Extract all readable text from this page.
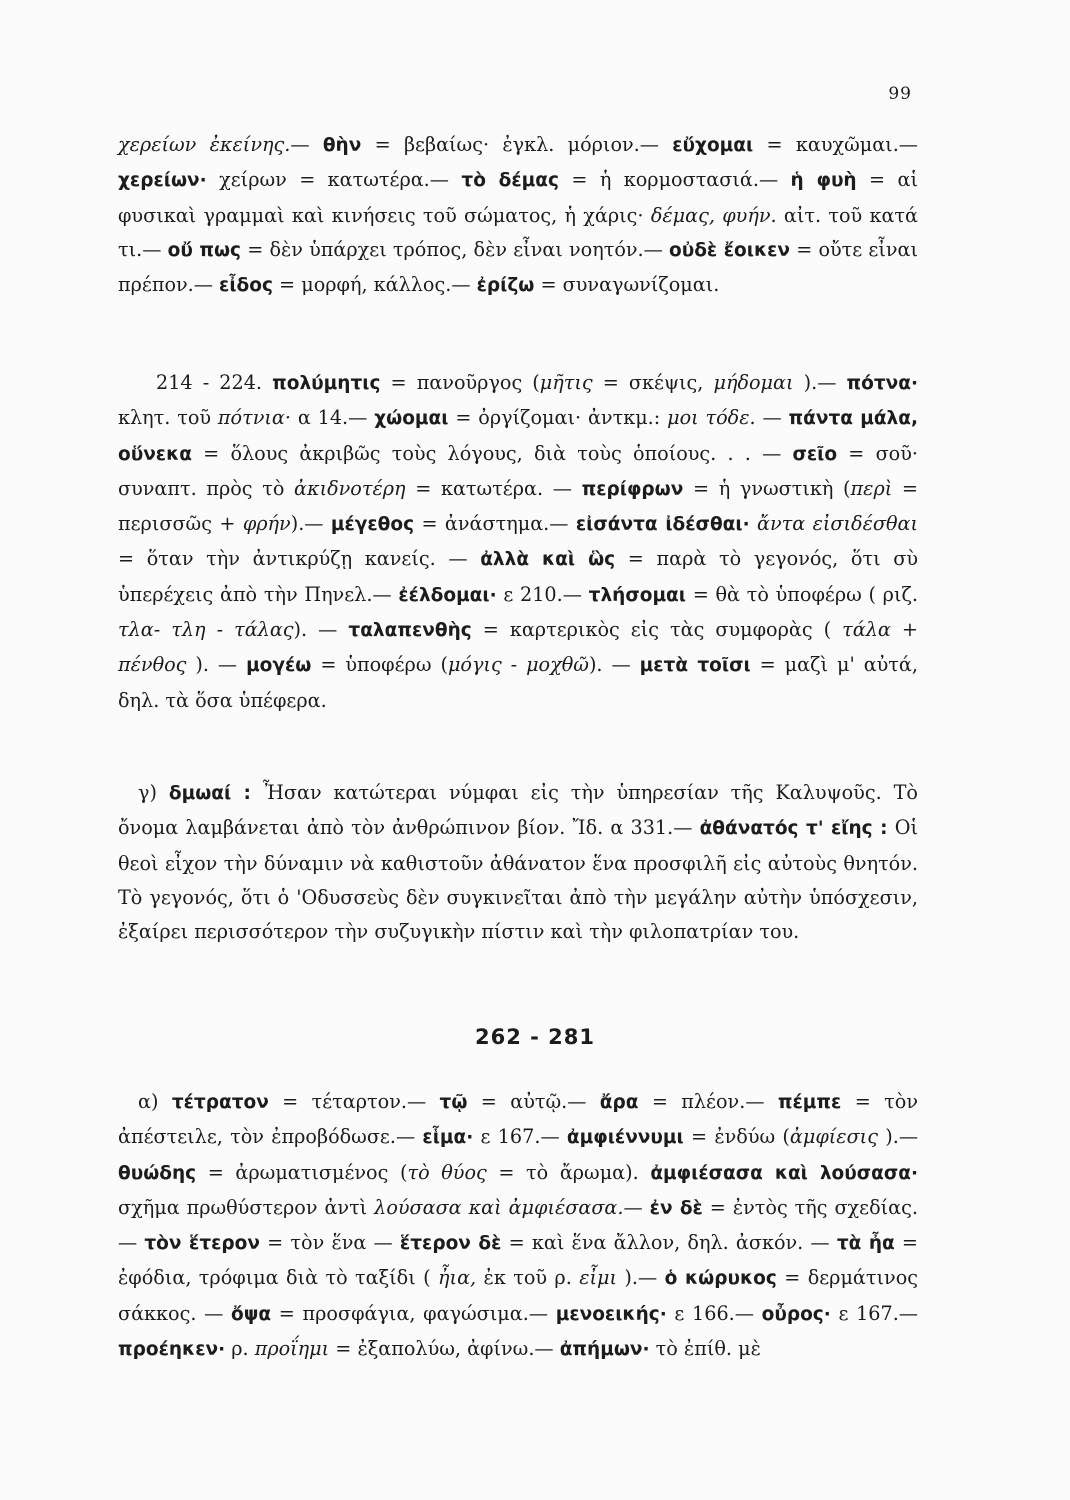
99
χερείων ἐκείνης.— θὴν = βεβαίως· ἐγκλ. μόριον.— εὔχομαι = καυχῶμαι.— χερείων· χείρων = κατωτέρα.— τὸ δέμας = ἡ κορμοστασιά.— ἡ φυὴ = αἱ φυσικαὶ γραμμαὶ καὶ κινήσεις τοῦ σώματος, ἡ χάρις· δέμας, φυήν. αἰτ. τοῦ κατά τι.— οὔ πως = δὲν ὑπάρχει τρόπος, δὲν εἶναι νοητόν.— οὐδὲ ἔοικεν = οὔτε εἶναι πρέπον.— εἶδος = μορφή, κάλλος.— ἐρίζω = συναγωνίζομαι.
214 - 224. πολύμητις = πανοῦργος (μῆτις = σκέψις, μήδομαι ).— πότνα· κλητ. τοῦ πότνια· α 14.— χώομαι = ὀργίζομαι· ἀντκμ.: μοι τόδε. — πάντα μάλα, οὕνεκα = ὅλους ἀκριβῶς τοὺς λόγους, διὰ τοὺς ὁποίους. . . — σεῖο = σοῦ· συναπτ. πρὸς τὸ ἀκιδνοτέρη = κατωτέρα. — περίφρων = ἡ γνωστικὴ (περὶ = περισσῶς + φρήν).— μέγεθος = ἀνάστημα.— εἰσάντα ἰδέσθαι· ἄντα εἰσιδέσθαι = ὅταν τὴν ἀντικρύζῃ κανείς. — ἀλλὰ καὶ ὣς = παρὰ τὸ γεγονός, ὅτι σὺ ὑπερέχεις ἀπὸ τὴν Πηνελ.— ἐέλδομαι· ε 210.— τλήσομαι = θὰ τὸ ὑποφέρω ( ριζ. τλα- τλη - τάλας). — ταλαπενθὴς = καρτερικὸς εἰς τὰς συμφορὰς ( τάλα + πένθος ). — μογέω = ὑποφέρω (μόγις - μοχθῶ). — μετὰ τοῖσι = μαζὶ μ' αὐτά, δηλ. τὰ ὅσα ὑπέφερα.
γ) δμωαί : Ἦσαν κατώτεραι νύμφαι εἰς τὴν ὑπηρεσίαν τῆς Καλυψοῦς. Τὸ ὄνομα λαμβάνεται ἀπὸ τὸν ἀνθρώπινον βίον. Ἴδ. α 331.— ἀθάνατός τ' εἴης : Οἱ θεοὶ εἶχον τὴν δύναμιν νὰ καθιστοῦν ἀθάνατον ἕνα προσφιλῆ εἰς αὐτοὺς θνητόν. Τὸ γεγονός, ὅτι ὁ 'Οδυσσεὺς δὲν συγκινεῖται ἀπὸ τὴν μεγάλην αὐτὴν ὑπόσχεσιν, ἐξαίρει περισσότερον τὴν συζυγικὴν πίστιν καὶ τὴν φιλοπατρίαν του.
262 - 281
α) τέτρατον = τέταρτον.— τῷ = αὐτῷ.— ἄρα = πλέον.— πέμπε = τὸν ἀπέστειλε, τὸν ἐπροβόδωσε.— εἷμα· ε 167.— ἀμφιέννυμι = ἐνδύω (ἀμφίεσις ).— θυώδης = ἀρωματισμένος (τὸ θύος = τὸ ἄρωμα). ἀμφιέσασα καὶ λούσασα· σχῆμα πρωθύστερον ἀντὶ λούσασα καὶ ἀμφιέσασα.— ἐν δὲ = ἐντὸς τῆς σχεδίας.— τὸν ἕτερον = τὸν ἕνα — ἕτερον δὲ = καὶ ἕνα ἄλλον, δηλ. ἀσκόν. — τὰ ἦα = ἐφόδια, τρόφιμα διὰ τὸ ταξίδι ( ἦια, ἐκ τοῦ ρ. εἶμι ).— ὁ κώρυκος = δερμάτινος σάκκος. — ὄψα = προσφάγια, φαγώσιμα.— μενοεικής· ε 166.— οὖρος· ε 167.— προέηκεν· ρ. προΐημι = ἐξαπολύω, ἀφίνω.— ἀπήμων· τὸ ἐπίθ. μὲ
